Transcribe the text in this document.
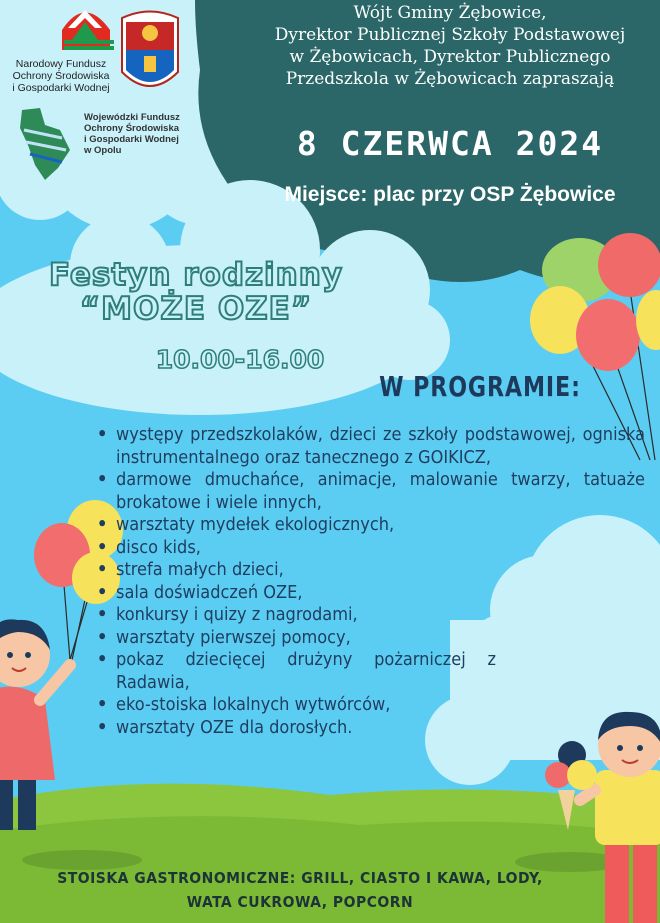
Narodowy Fundusz
Ochrony Środowiska
i Gospodarki Wodnej
Wojewódzki Fundusz
Ochrony Środowiska
i Gospodarki Wodnej
w Opolu
Wójt Gminy Żębowice,
Dyrektor Publicznej Szkoły Podstawowej
w Żębowicach, Dyrektor Publicznego
Przedszkola w Żębowicach zapraszają
8 CZERWCA 2024
Miejsce: plac przy OSP Żębowice
Festyn rodzinny
“MOŻE OZE”
10.00-16.00
W PROGRAMIE:
• występy przedszkolaków, dzieci ze szkoły podstawowej, ogniska instrumentalnego oraz tanecznego z GOIKICZ,
• darmowe dmuchańce, animacje, malowanie twarzy, tatuaże brokatowe i wiele innych,
• warsztaty mydełek ekologicznych,
• disco kids,
• strefa małych dzieci,
• sala doświadczeń OZE,
• konkursy i quizy z nagrodami,
• warsztaty pierwszej pomocy,
• pokaz dziecięcej drużyny pożarniczej z Radawia,
• eko-stoiska lokalnych wytwórców,
• warsztaty OZE dla dorosłych.
STOISKA GASTRONOMICZNE: GRILL, CIASTO I KAWA, LODY,
WATA CUKROWA, POPCORN
